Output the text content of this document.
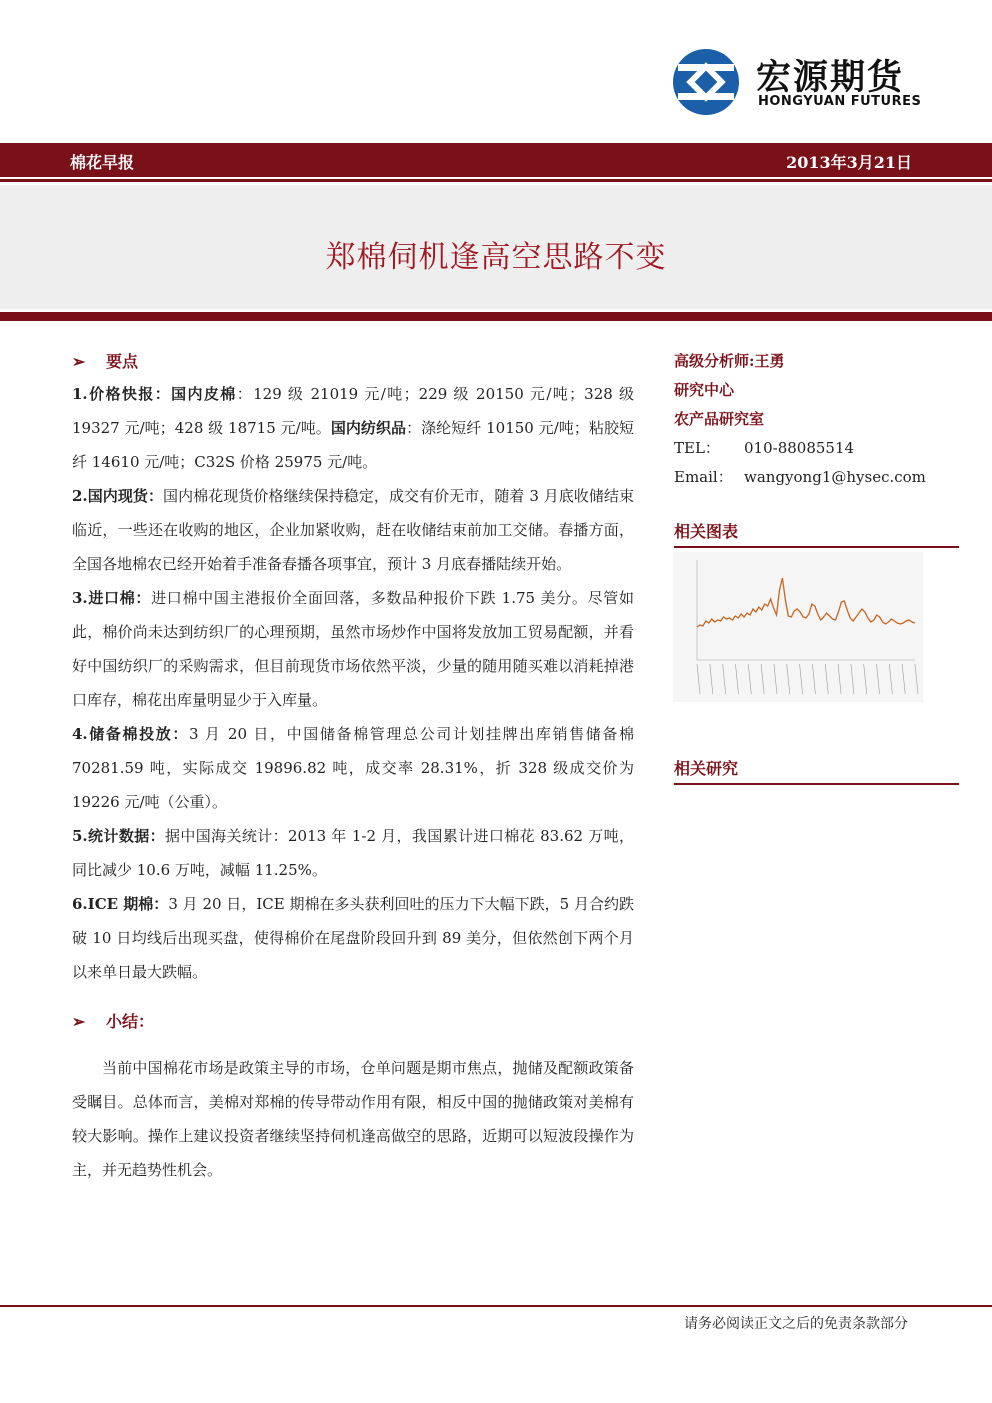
宏源期货
HONGYUAN FUTURES
棉花早报	2013年3月21日
郑棉伺机逢高空思路不变
➢ 要点
1.价格快报：国内皮棉：129 级 21019 元/吨；229 级 20150 元/吨；328 级 19327 元/吨；428 级 18715 元/吨。国内纺织品：涤纶短纤 10150 元/吨；粘胶短纤 14610 元/吨；C32S 价格 25975 元/吨。
2.国内现货：国内棉花现货价格继续保持稳定，成交有价无市，随着 3 月底收储结束临近，一些还在收购的地区，企业加紧收购，赶在收储结束前加工交储。春播方面，全国各地棉农已经开始着手准备春播各项事宜，预计 3 月底春播陆续开始。
3.进口棉：进口棉中国主港报价全面回落，多数品种报价下跌 1.75 美分。尽管如此，棉价尚未达到纺织厂的心理预期，虽然市场炒作中国将发放加工贸易配额，并看好中国纺织厂的采购需求，但目前现货市场依然平淡，少量的随用随买难以消耗掉港口库存，棉花出库量明显少于入库量。
4.储备棉投放：3 月 20 日，中国储备棉管理总公司计划挂牌出库销售储备棉 70281.59 吨，实际成交 19896.82 吨，成交率 28.31%，折 328 级成交价为 19226 元/吨（公重）。
5.统计数据：据中国海关统计：2013 年 1-2 月，我国累计进口棉花 83.62 万吨，同比减少 10.6 万吨，减幅 11.25%。
6.ICE 期棉：3 月 20 日，ICE 期棉在多头获利回吐的压力下大幅下跌，5 月合约跌破 10 日均线后出现买盘，使得棉价在尾盘阶段回升到 89 美分，但依然创下两个月以来单日最大跌幅。
➢ 小结：
当前中国棉花市场是政策主导的市场，仓单问题是期市焦点，抛储及配额政策备受瞩目。总体而言，美棉对郑棉的传导带动作用有限，相反中国的抛储政策对美棉有较大影响。操作上建议投资者继续坚持伺机逢高做空的思路，近期可以短波段操作为主，并无趋势性机会。
高级分析师:王勇
研究中心
农产品研究室
TEL： 010-88085514
Email： wangyong1@hysec.com
相关图表
相关研究
请务必阅读正文之后的免责条款部分
